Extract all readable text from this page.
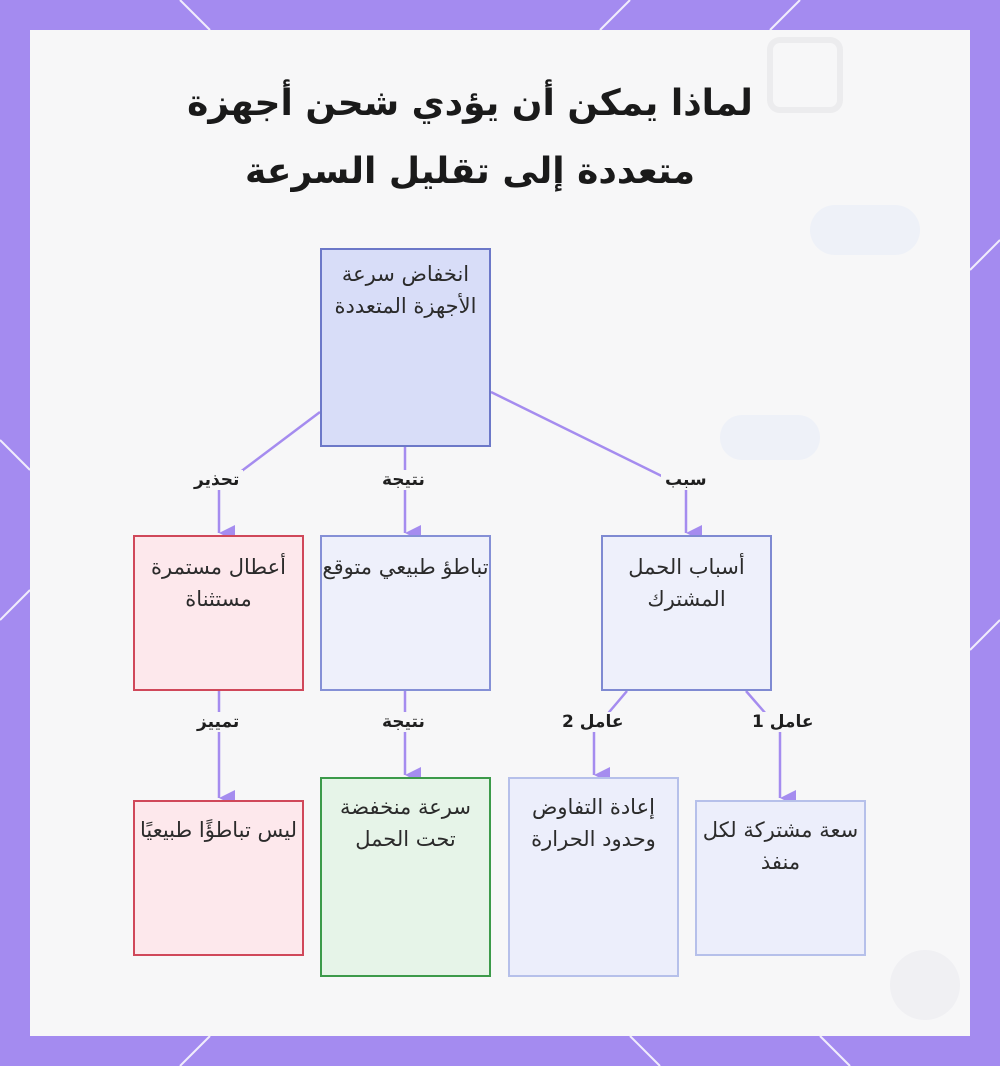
لماذا يمكن أن يؤدي شحن أجهزة
متعددة إلى تقليل السرعة
انخفاض سرعة الأجهزة المتعددة
أعطال مستمرة مستثناة
تباطؤ طبيعي متوقع	أسباب الحمل المشترك
ليس تباطؤًا طبيعيًا
سرعة منخفضة تحت الحمل
إعادة التفاوض وحدود الحرارة	سعة مشتركة لكل منفذ
تحذير	نتيجة	سبب
تمييز	نتيجة	عامل 2	عامل 1
